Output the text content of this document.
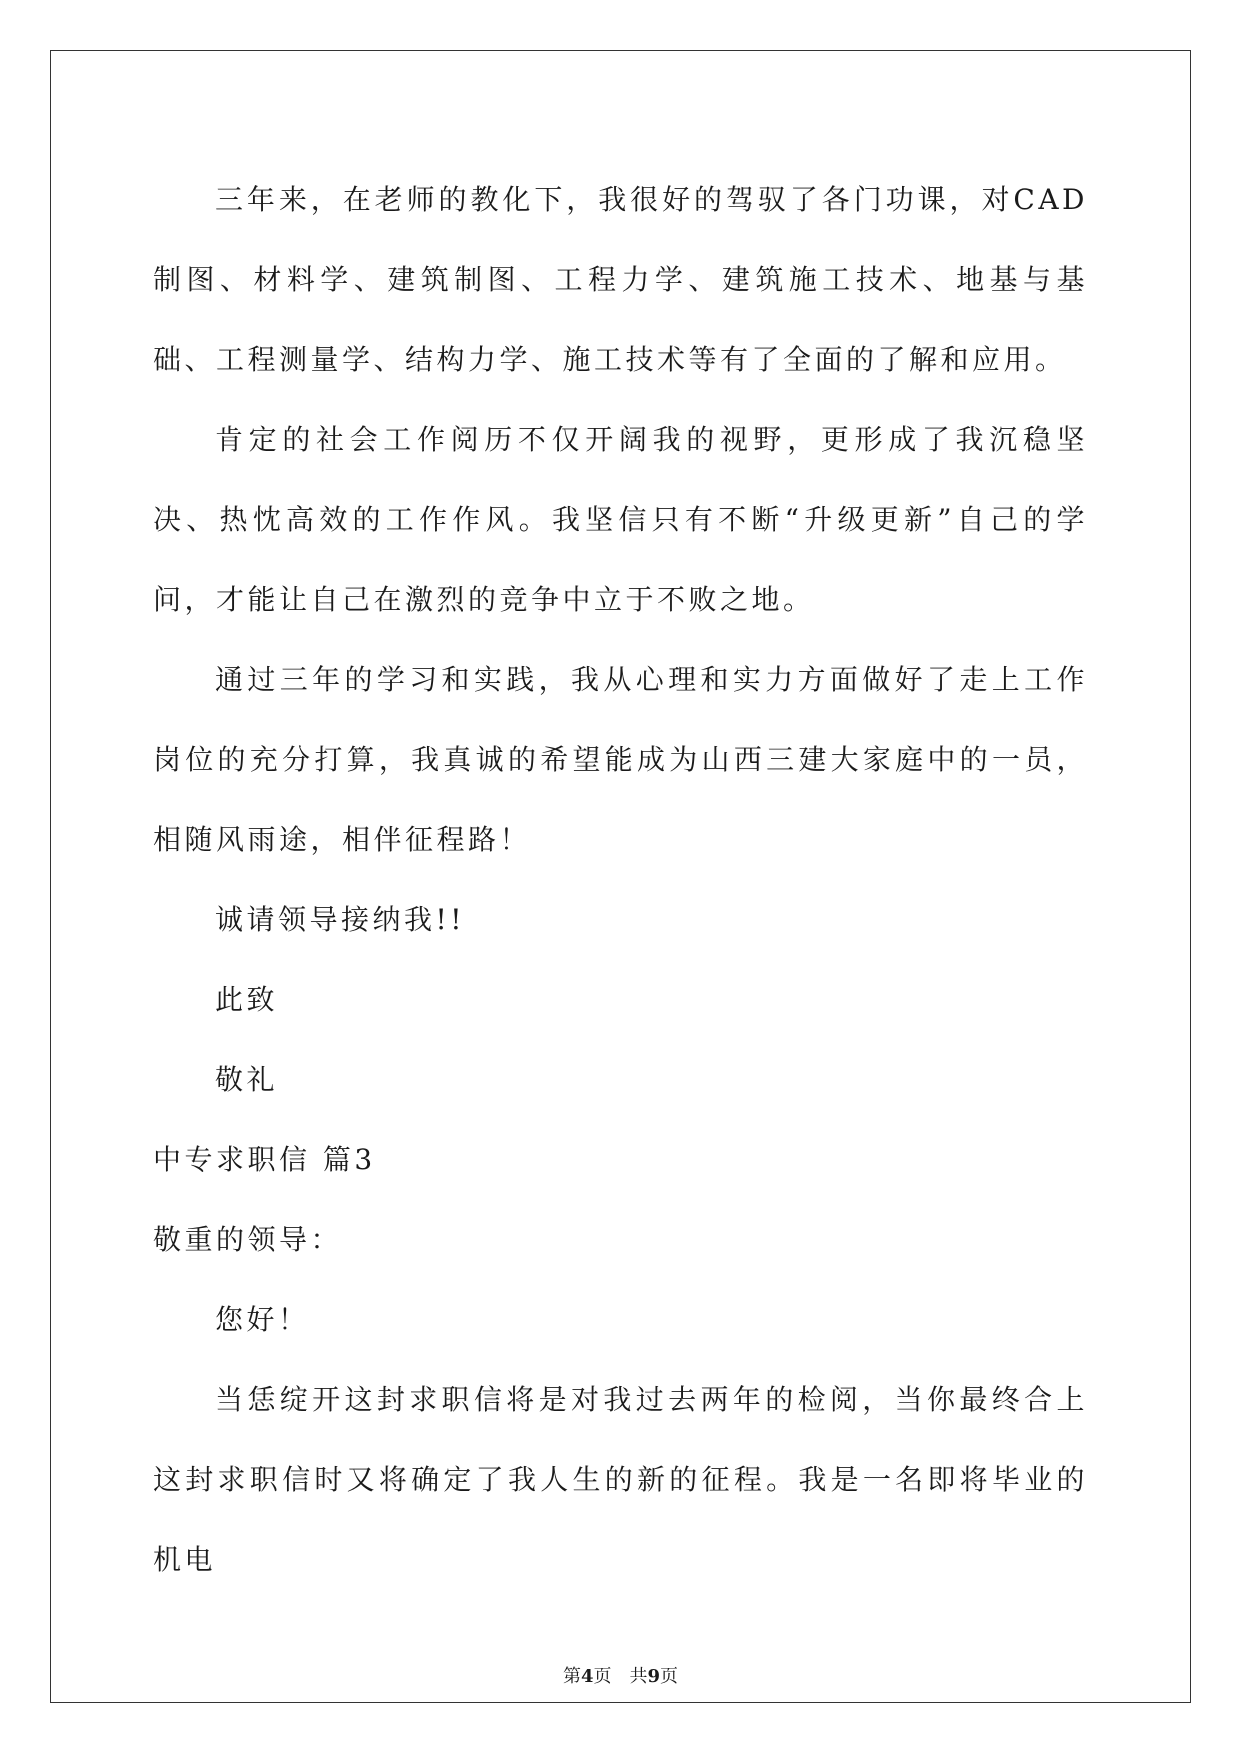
三年来，在老师的教化下，我很好的驾驭了各门功课，对CAD制图、材料学、建筑制图、工程力学、建筑施工技术、地基与基础、工程测量学、结构力学、施工技术等有了全面的了解和应用。

肯定的社会工作阅历不仅开阔我的视野，更形成了我沉稳坚决、热忱高效的工作作风。我坚信只有不断“升级更新”自己的学问，才能让自己在激烈的竞争中立于不败之地。

通过三年的学习和实践，我从心理和实力方面做好了走上工作岗位的充分打算，我真诚的希望能成为山西三建大家庭中的一员，相随风雨途，相伴征程路！

诚请领导接纳我!!

此致

敬礼

中专求职信 篇3

敬重的领导：

您好！

当恁绽开这封求职信将是对我过去两年的检阅，当你最终合上这封求职信时又将确定了我人生的新的征程。我是一名即将毕业的机电

第4页　共9页
